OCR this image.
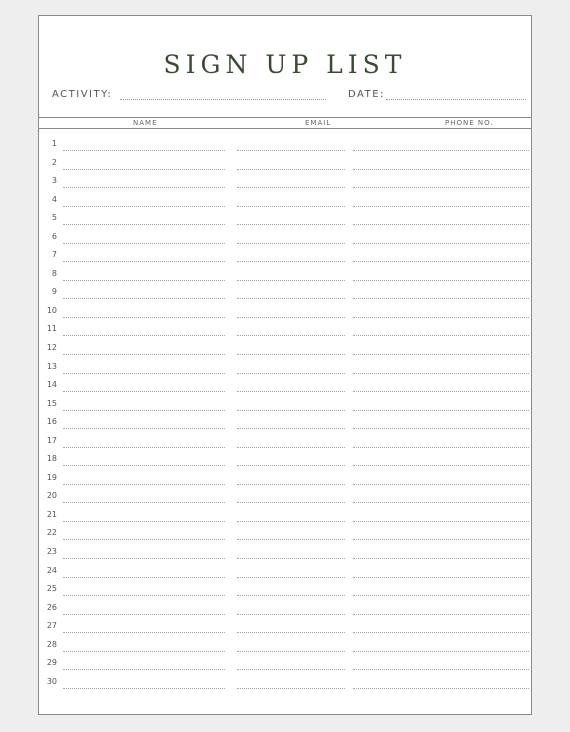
SIGN UP LIST
ACTIVITY:	DATE:
NAME	EMAIL	PHONE NO.
1
2
3
4
5
6
7
8
9
10
11
12
13
14
15
16
17
18
19
20
21
22
23
24
25
26
27
28
29
30
